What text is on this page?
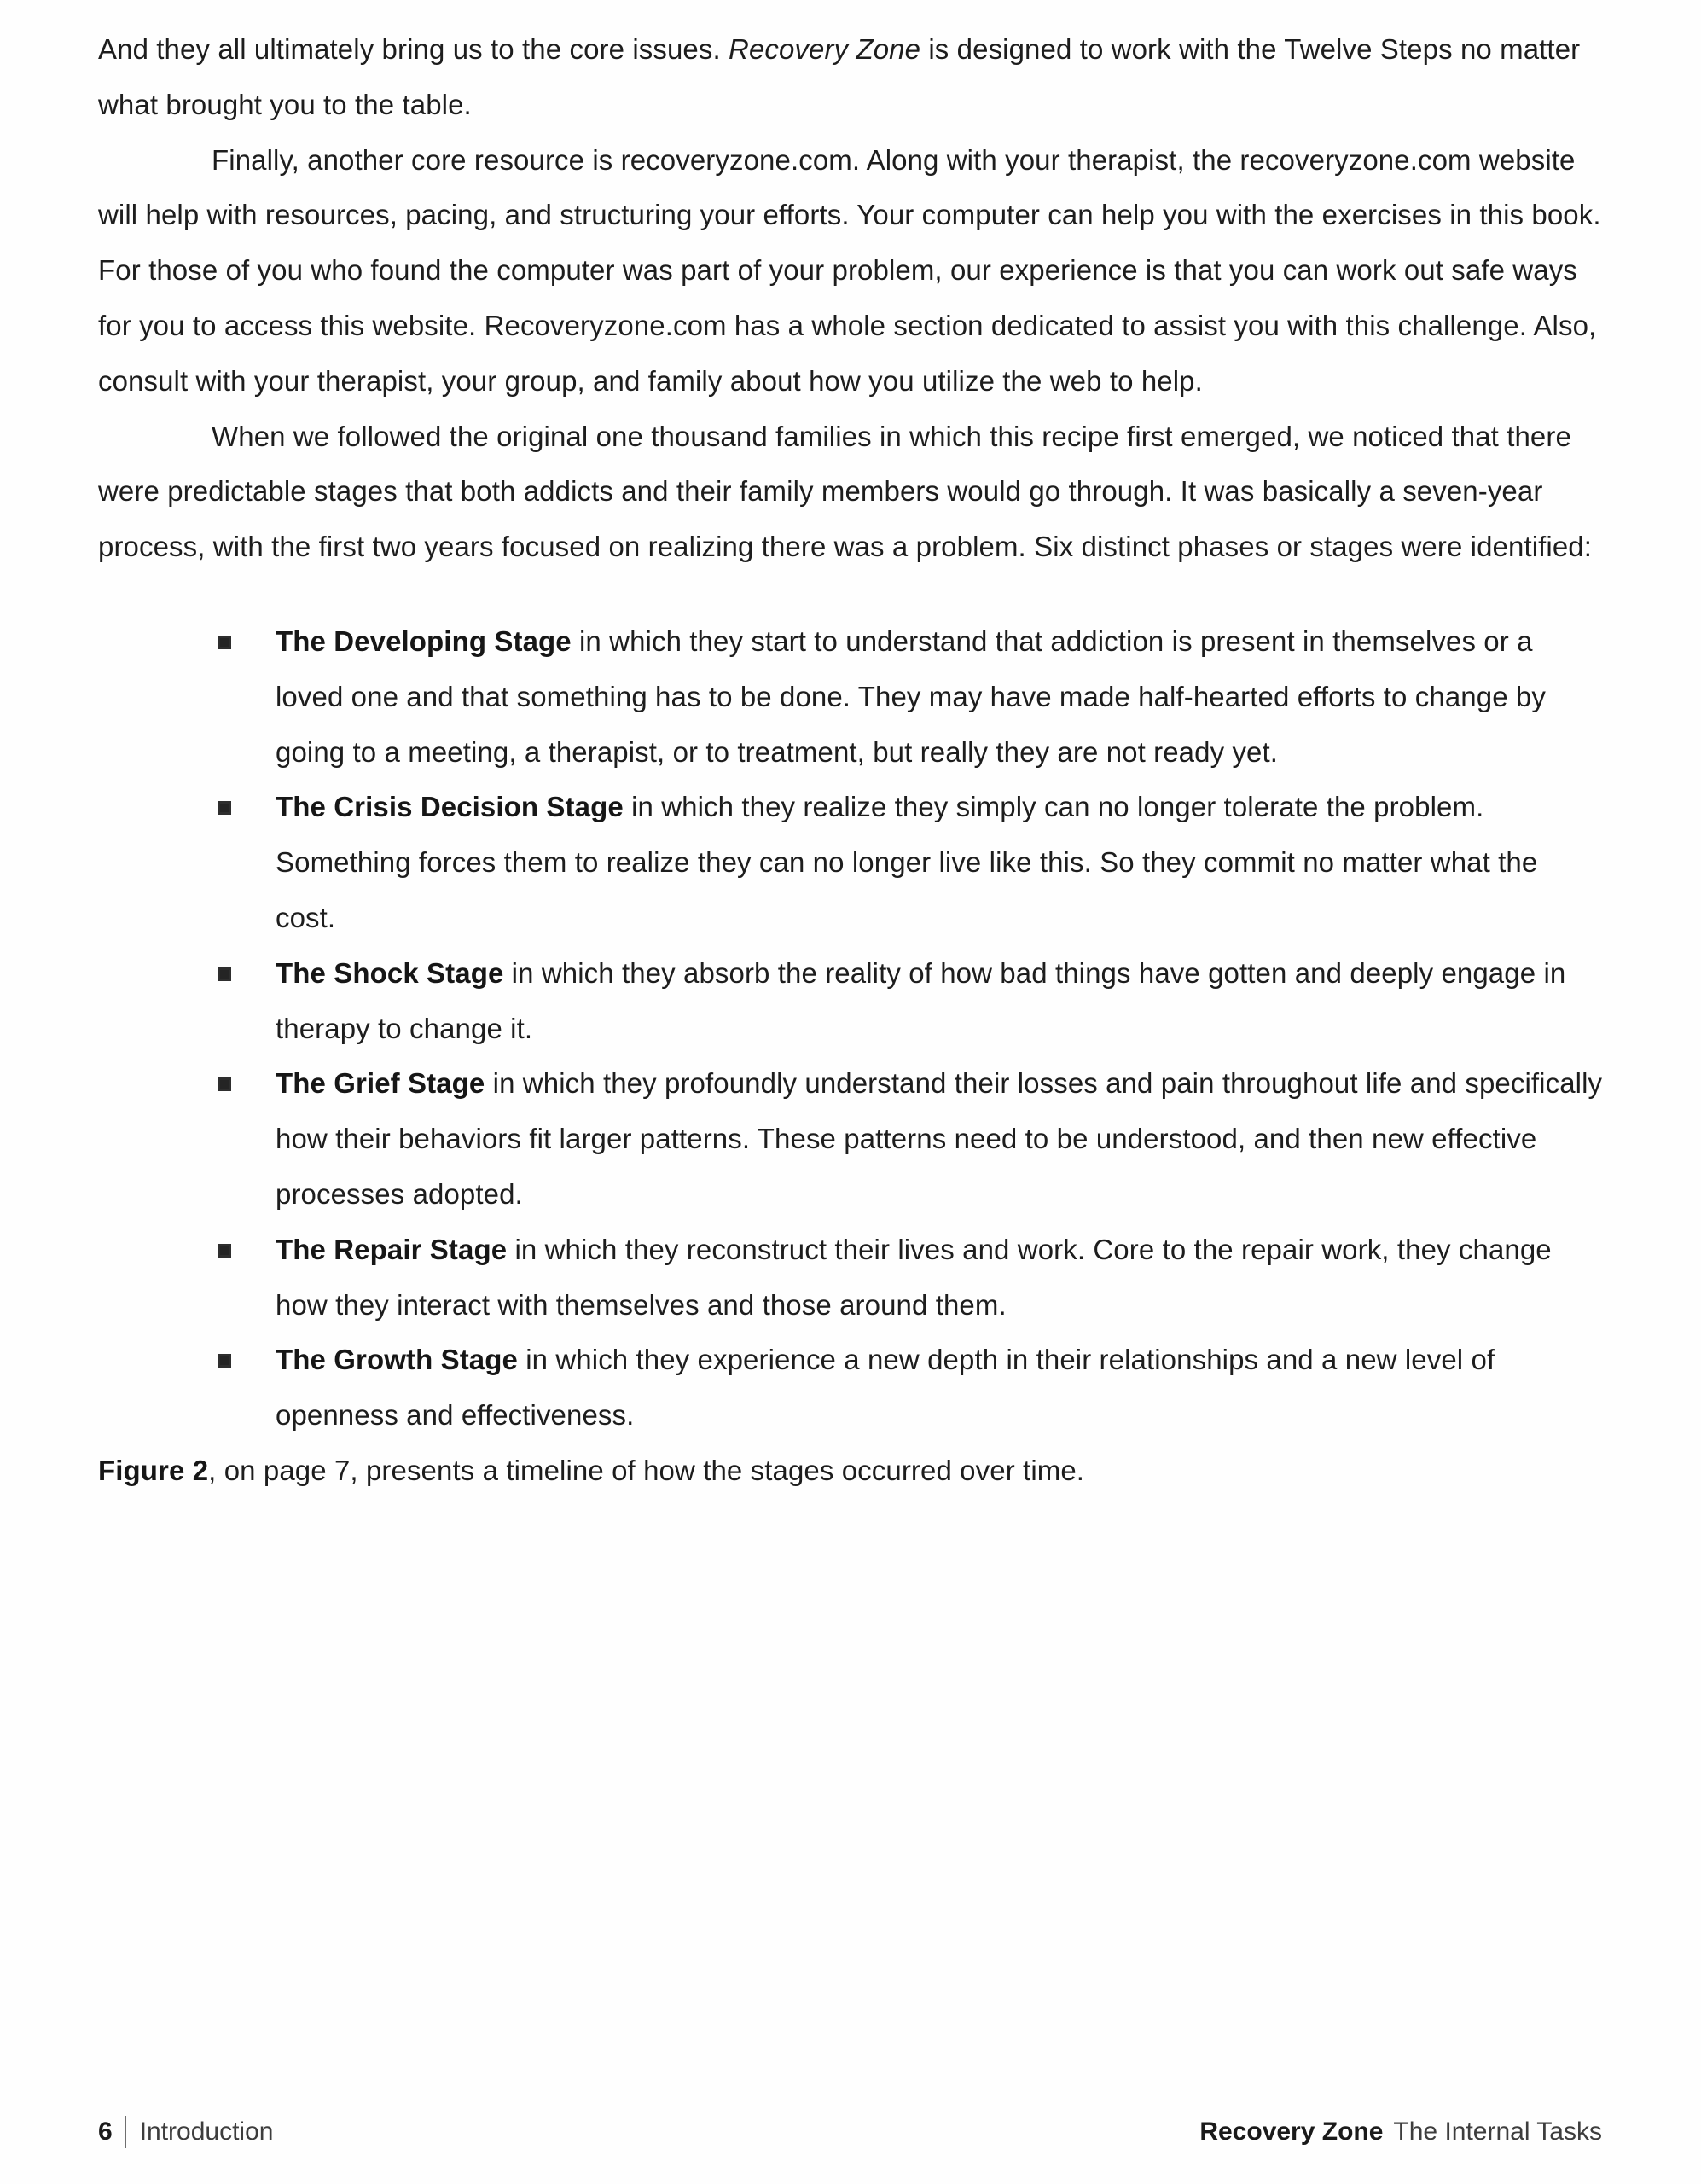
And they all ultimately bring us to the core issues. Recovery Zone is designed to work with the Twelve Steps no matter what brought you to the table.

Finally, another core resource is recoveryzone.com. Along with your therapist, the recoveryzone.com website will help with resources, pacing, and structuring your efforts. Your computer can help you with the exercises in this book. For those of you who found the computer was part of your problem, our experience is that you can work out safe ways for you to access this website. Recoveryzone.com has a whole section dedicated to assist you with this challenge. Also, consult with your therapist, your group, and family about how you utilize the web to help.

When we followed the original one thousand families in which this recipe first emerged, we noticed that there were predictable stages that both addicts and their family members would go through. It was basically a seven-year process, with the first two years focused on realizing there was a problem. Six distinct phases or stages were identified:

The Developing Stage in which they start to understand that addiction is present in themselves or a loved one and that something has to be done. They may have made half-hearted efforts to change by going to a meeting, a therapist, or to treatment, but really they are not ready yet.
The Crisis Decision Stage in which they realize they simply can no longer tolerate the problem. Something forces them to realize they can no longer live like this. So they commit no matter what the cost.
The Shock Stage in which they absorb the reality of how bad things have gotten and deeply engage in therapy to change it.
The Grief Stage in which they profoundly understand their losses and pain throughout life and specifically how their behaviors fit larger patterns. These patterns need to be understood, and then new effective processes adopted.
The Repair Stage in which they reconstruct their lives and work. Core to the repair work, they change how they interact with themselves and those around them.
The Growth Stage in which they experience a new depth in their relationships and a new level of openness and effectiveness.

Figure 2, on page 7, presents a timeline of how the stages occurred over time.

6 Introduction	Recovery Zone The Internal Tasks
